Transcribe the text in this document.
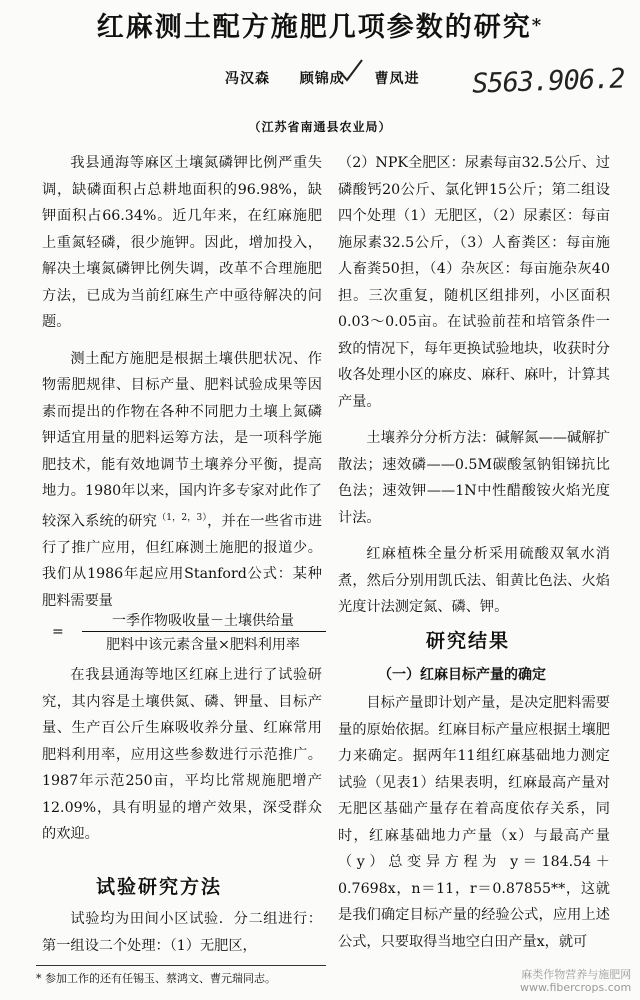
红麻测土配方施肥几项参数的研究*
冯汉森 顾锦成 曹凤进 S563.906.2
（江苏省南通县农业局）

我县通海等麻区土壤氮磷钾比例严重失调，缺磷面积占总耕地面积的96.98%，缺钾面积占66.34%。近几年来，在红麻施肥上重氮轻磷，很少施钾。因此，增加投入，解决土壤氮磷钾比例失调，改革不合理施肥方法，已成为当前红麻生产中亟待解决的问题。

测土配方施肥是根据土壤供肥状况、作物需肥规律、目标产量、肥料试验成果等因素而提出的作物在各种不同肥力土壤上氮磷钾适宜用量的肥料运筹方法，是一项科学施肥技术，能有效地调节土壤养分平衡，提高地力。1980年以来，国内许多专家对此作了较深入系统的研究$^{(1,2,3)}$，并在一些省市进行了推广应用，但红麻测土施肥的报道少。我们从1986年起应用Stanford公式：某种肥料需要量

=
一季作物吸收量－土壤供给量
肥料中该元素含量×肥料利用率

在我县通海等地区红麻上进行了试验研究，其内容是土壤供氮、磷、钾量、目标产量、生产百公斤生麻吸收养分量、红麻常用肥料利用率，应用这些参数进行示范推广。1987年示范250亩，平均比常规施肥增产12.09%，具有明显的增产效果，深受群众的欢迎。

试验研究方法

试验均为田间小区试验．分二组进行：第一组设二个处理：（1）无肥区，

（2）NPK全肥区：尿素每亩32.5公斤、过磷酸钙20公斤、氯化钾15公斤；第二组设四个处理（1）无肥区，（2）尿素区：每亩施尿素32.5公斤，（3）人畜粪区：每亩施人畜粪50担，（4）杂灰区：每亩施杂灰40担。三次重复，随机区组排列，小区面积0.03～0.05亩。在试验前茬和培管条件一致的情况下，每年更换试验地块，收获时分收各处理小区的麻皮、麻秆、麻叶，计算其产量。

土壤养分分析方法：碱解氮——碱解扩散法；速效磷——0.5M碳酸氢钠钼锑抗比色法；速效钾——1N中性醋酸铵火焰光度计法。

红麻植株全量分析采用硫酸双氧水消煮，然后分别用凯氏法、钼黄比色法、火焰光度计法测定氮、磷、钾。

研究结果
（一）红麻目标产量的确定

目标产量即计划产量，是决定肥料需要量的原始依据。红麻目标产量应根据土壤肥力来确定。据两年11组红麻基础地力测定试验（见表1）结果表明，红麻最高产量对无肥区基础产量存在着高度依存关系，同时，红麻基础地力产量（x）与最高产量（y）总变异方程为 y＝184.54＋0.7698x，n＝11，r＝0.87855**，这就是我们确定目标产量的经验公式，应用上述公式，只要取得当地空白田产量x，就可

* 参加工作的还有任锡玉、蔡鸿文、曹元瑞同志。	麻类作物营养与施肥网
www.fibercrops.com
